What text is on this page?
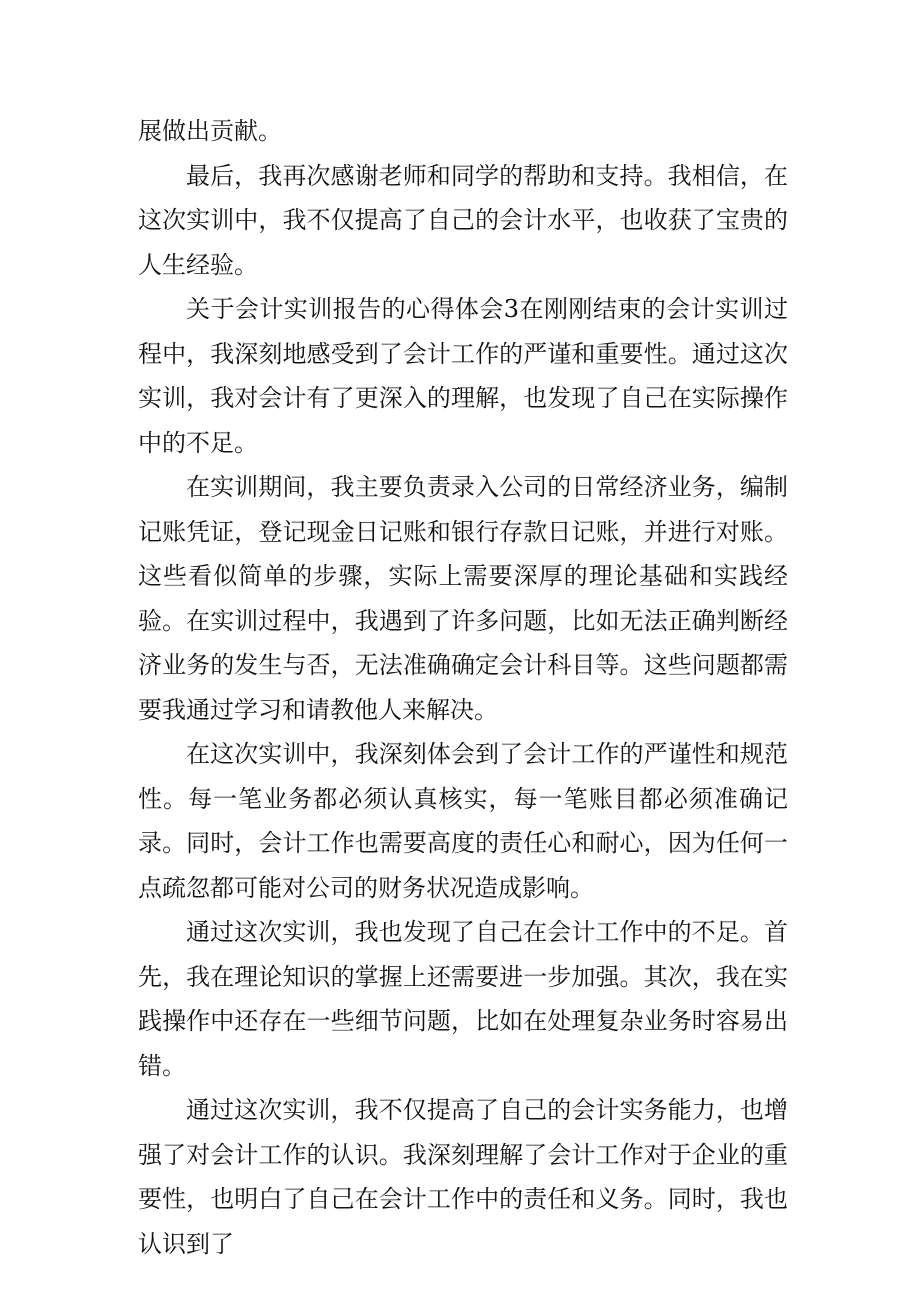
展做出贡献。

最后，我再次感谢老师和同学的帮助和支持。我相信，在这次实训中，我不仅提高了自己的会计水平，也收获了宝贵的人生经验。

关于会计实训报告的心得体会3在刚刚结束的会计实训过程中，我深刻地感受到了会计工作的严谨和重要性。通过这次实训，我对会计有了更深入的理解，也发现了自己在实际操作中的不足。

在实训期间，我主要负责录入公司的日常经济业务，编制记账凭证，登记现金日记账和银行存款日记账，并进行对账。这些看似简单的步骤，实际上需要深厚的理论基础和实践经验。在实训过程中，我遇到了许多问题，比如无法正确判断经济业务的发生与否，无法准确确定会计科目等。这些问题都需要我通过学习和请教他人来解决。

在这次实训中，我深刻体会到了会计工作的严谨性和规范性。每一笔业务都必须认真核实，每一笔账目都必须准确记录。同时，会计工作也需要高度的责任心和耐心，因为任何一点疏忽都可能对公司的财务状况造成影响。

通过这次实训，我也发现了自己在会计工作中的不足。首先，我在理论知识的掌握上还需要进一步加强。其次，我在实践操作中还存在一些细节问题，比如在处理复杂业务时容易出错。

通过这次实训，我不仅提高了自己的会计实务能力，也增强了对会计工作的认识。我深刻理解了会计工作对于企业的重要性，也明白了自己在会计工作中的责任和义务。同时，我也认识到了
